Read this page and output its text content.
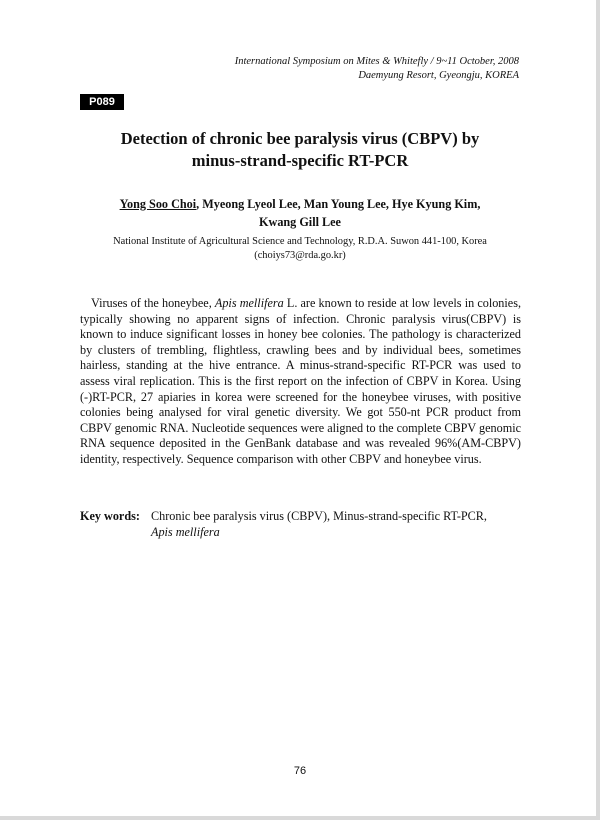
International Symposium on Mites & Whitefly / 9~11 October, 2008
Daemyung Resort, Gyeongju, KOREA
P089
Detection of chronic bee paralysis virus (CBPV) by
minus-strand-specific RT-PCR
Yong Soo Choi, Myeong Lyeol Lee, Man Young Lee, Hye Kyung Kim,
Kwang Gill Lee
National Institute of Agricultural Science and Technology, R.D.A. Suwon 441-100, Korea
(choiys73@rda.go.kr)
Viruses of the honeybee, Apis mellifera L. are known to reside at low levels in colonies, typically showing no apparent signs of infection. Chronic paralysis virus(CBPV) is known to induce significant losses in honey bee colonies. The pathology is characterized by clusters of trembling, flightless, crawling bees and by individual bees, sometimes hairless, standing at the hive entrance. A minus-strand-specific RT-PCR was used to assess viral replication. This is the first report on the infection of CBPV in Korea. Using (-)RT-PCR, 27 apiaries in korea were screened for the honeybee viruses, with positive colonies being analysed for viral genetic diversity. We got 550-nt PCR product from CBPV genomic RNA. Nucleotide sequences were aligned to the complete CBPV genomic RNA sequence deposited in the GenBank database and was revealed 96%(AM-CBPV) identity, respectively. Sequence comparison with other CBPV and honeybee virus.
Key words: Chronic bee paralysis virus (CBPV), Minus-strand-specific RT-PCR,
Apis mellifera
76
